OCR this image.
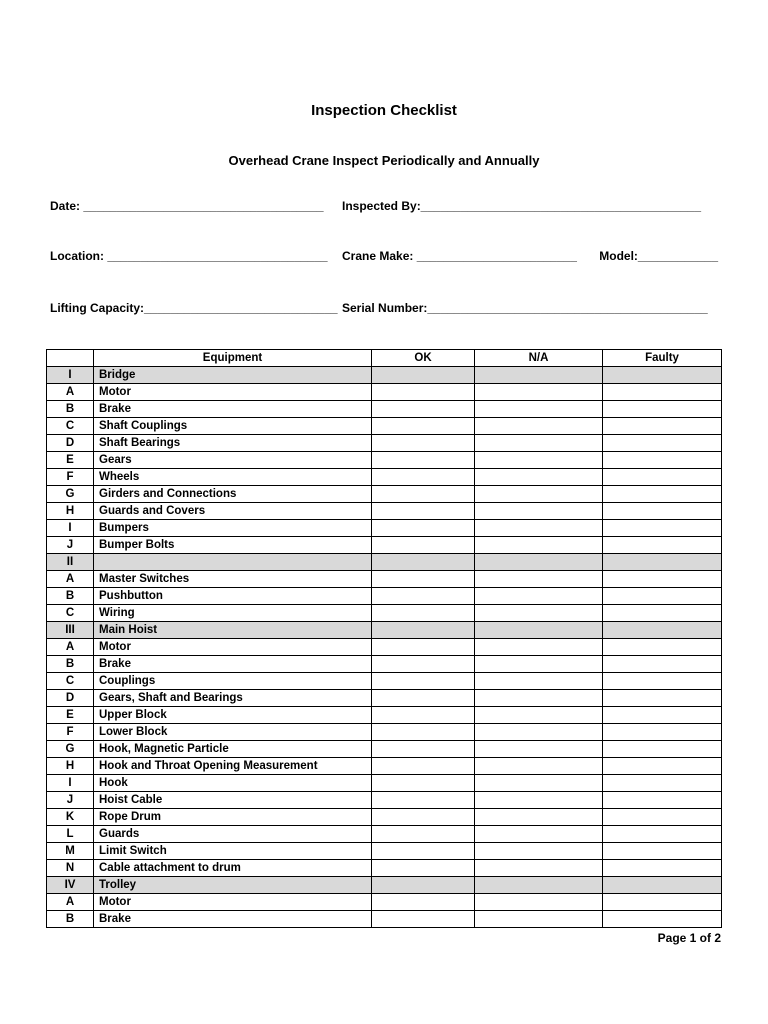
Inspection Checklist
Overhead Crane Inspect Periodically and Annually
Date: ____________________________________ Inspected By:__________________________________________
Location: _________________________________ Crane Make: ________________________ Model:____________
Lifting Capacity:_____________________________ Serial Number:__________________________________________
	Equipment	OK	N/A	Faulty
I	Bridge			
A	Motor			
B	Brake			
C	Shaft Couplings			
D	Shaft Bearings			
E	Gears			
F	Wheels			
G	Girders and Connections			
H	Guards and Covers			
I	Bumpers			
J	Bumper Bolts			
II				
A	Master Switches			
B	Pushbutton			
C	Wiring			
III	Main Hoist			
A	Motor			
B	Brake			
C	Couplings			
D	Gears, Shaft and Bearings			
E	Upper Block			
F	Lower Block			
G	Hook, Magnetic Particle			
H	Hook and Throat Opening Measurement			
I	Hook			
J	Hoist Cable			
K	Rope Drum			
L	Guards			
M	Limit Switch			
N	Cable attachment to drum			
IV	Trolley			
A	Motor			
B	Brake			
Page 1 of 2
